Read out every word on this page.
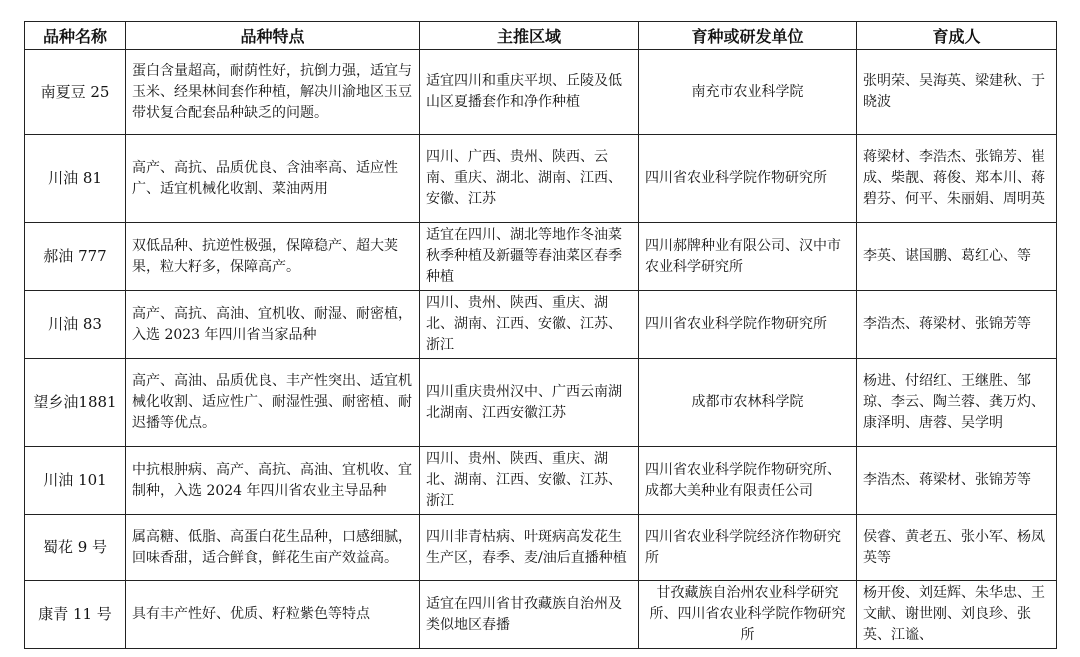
品种名称	品种特点	主推区域	育种或研发单位	育成人
南夏豆 25	蛋白含量超高，耐荫性好，抗倒力强，适宜与玉米、经果林间套作种植，解决川渝地区玉豆带状复合配套品种缺乏的问题。	适宜四川和重庆平坝、丘陵及低山区夏播套作和净作种植	南充市农业科学院	张明荣、吴海英、梁建秋、于晓波
川油 81	高产、高抗、品质优良、含油率高、适应性广、适宜机械化收割、菜油两用	四川、广西、贵州、陕西、云南、重庆、湖北、湖南、江西、安徽、江苏	四川省农业科学院作物研究所	蒋梁材、李浩杰、张锦芳、崔成、柴靓、蒋俊、郑本川、蒋碧芬、何平、朱丽娟、周明英
郝油 777	双低品种、抗逆性极强，保障稳产、超大荚果，粒大籽多，保障高产。	适宜在四川、湖北等地作冬油菜秋季种植及新疆等春油菜区春季种植	四川郝牌种业有限公司、汉中市农业科学研究所	李英、谌国鹏、葛红心、等
川油 83	高产、高抗、高油、宜机收、耐湿、耐密植，入选 2023 年四川省当家品种	四川、贵州、陕西、重庆、湖北、湖南、江西、安徽、江苏、浙江	四川省农业科学院作物研究所	李浩杰、蒋梁材、张锦芳等
望乡油1881	高产、高油、品质优良、丰产性突出、适宜机械化收割、适应性广、耐湿性强、耐密植、耐迟播等优点。	四川重庆贵州汉中、广西云南湖北湖南、江西安徽江苏	成都市农林科学院	杨进、付绍红、王继胜、邹琼、李云、陶兰蓉、龚万灼、康泽明、唐蓉、吴学明
川油 101	中抗根肿病、高产、高抗、高油、宜机收、宜制种，入选 2024 年四川省农业主导品种	四川、贵州、陕西、重庆、湖北、湖南、江西、安徽、江苏、浙江	四川省农业科学院作物研究所、成都大美种业有限责任公司	李浩杰、蒋梁材、张锦芳等
蜀花 9 号	属高糖、低脂、高蛋白花生品种，口感细腻，回味香甜，适合鲜食，鲜花生亩产效益高。	四川非青枯病、叶斑病高发花生生产区，春季、麦/油后直播种植	四川省农业科学院经济作物研究所	侯睿、黄老五、张小军、杨凤英等
康青 11 号	具有丰产性好、优质、籽粒紫色等特点	适宜在四川省甘孜藏族自治州及类似地区春播	甘孜藏族自治州农业科学研究所、四川省农业科学院作物研究所	杨开俊、刘廷辉、朱华忠、王文献、谢世刚、刘良珍、张英、江谧、
